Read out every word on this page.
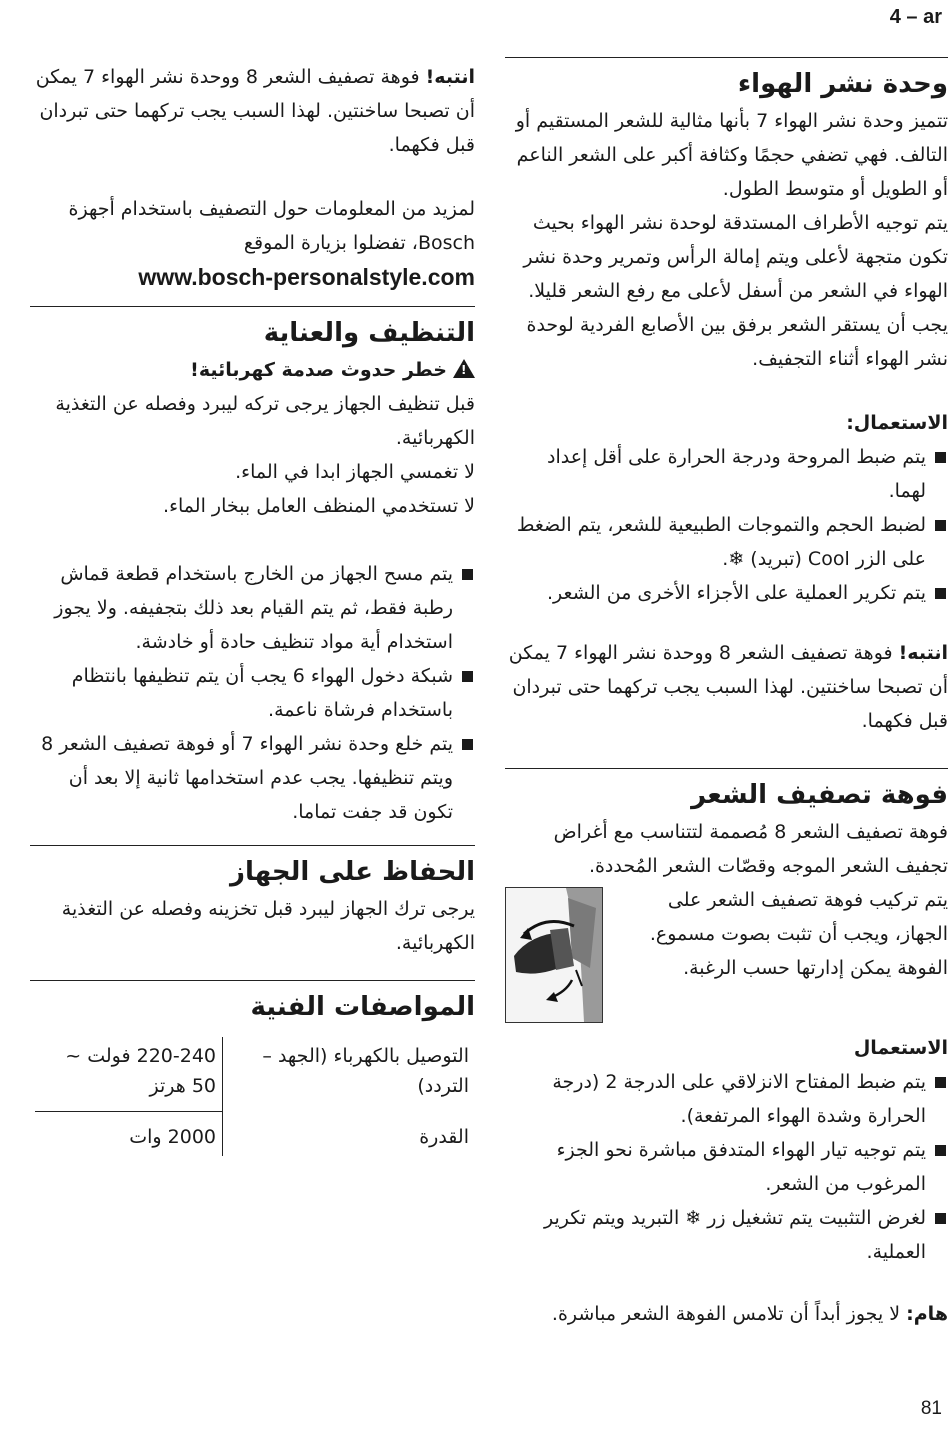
4 – ar
وحدة نشر الهواء

تتميز وحدة نشر الهواء 7 بأنها مثالية للشعر المستقيم أو التالف. فهي تضفي حجمًا وكثافة أكبر على الشعر الناعم أو الطويل أو متوسط الطول.

يتم توجيه الأطراف المستدقة لوحدة نشر الهواء بحيث تكون متجهة لأعلى ويتم إمالة الرأس وتمرير وحدة نشر الهواء في الشعر من أسفل لأعلى مع رفع الشعر قليلا. يجب أن يستقر الشعر برفق بين الأصابع الفردية لوحدة نشر الهواء أثناء التجفيف.

الاستعمال:

يتم ضبط المروحة ودرجة الحرارة على أقل إعداد لهما.

لضبط الحجم والتموجات الطبيعية للشعر، يتم الضغط على الزر Cool (تبريد) ❄.

يتم تكرير العملية على الأجزاء الأخرى من الشعر.

انتبه! فوهة تصفيف الشعر 8 ووحدة نشر الهواء 7 يمكن أن تصبحا ساخنتين. لهذا السبب يجب تركهما حتى تبردان قبل فكهما.

فوهة تصفيف الشعر

فوهة تصفيف الشعر 8 مُصممة لتتناسب مع أغراض تجفيف الشعر الموجه وقصّات الشعر المُحددة.

يتم تركيب فوهة تصفيف الشعر على الجهاز، ويجب أن تثبت بصوت مسموع. الفوهة يمكن إدارتها حسب الرغبة.

الاستعمال

يتم ضبط المفتاح الانزلاقي على الدرجة 2 (درجة الحرارة وشدة الهواء المرتفعة).

يتم توجيه تيار الهواء المتدفق مباشرة نحو الجزء المرغوب من الشعر.

لغرض التثبيت يتم تشغيل زر ❄ التبريد ويتم تكرير العملية.

هام: لا يجوز أبداً أن تلامس الفوهة الشعر مباشرة.

انتبه! فوهة تصفيف الشعر 8 ووحدة نشر الهواء 7 يمكن أن تصبحا ساخنتين. لهذا السبب يجب تركهما حتى تبردان قبل فكهما.

لمزيد من المعلومات حول التصفيف باستخدام أجهزة Bosch، تفضلوا بزيارة الموقع

www.bosch-personalstyle.com

التنظيف والعناية

!خطر حدوث صدمة كهربائية!

قبل تنظيف الجهاز يرجى تركه ليبرد وفصله عن التغذية الكهربائية.

لا تغمسي الجهاز ابدا في الماء.

لا تستخدمي المنظف العامل ببخار الماء.

يتم مسح الجهاز من الخارج باستخدام قطعة قماش رطبة فقط، ثم يتم القيام بعد ذلك بتجفيفه. ولا يجوز استخدام أية مواد تنظيف حادة أو خادشة.

شبكة دخول الهواء 6 يجب أن يتم تنظيفها بانتظام باستخدام فرشاة ناعمة.

يتم خلع وحدة نشر الهواء 7 أو فوهة تصفيف الشعر 8 ويتم تنظيفها. يجب عدم استخدامها ثانية إلا بعد أن تكون قد جفت تماما.

الحفاظ على الجهاز

يرجى ترك الجهاز ليبرد قبل تخزينه وفصله عن التغذية الكهربائية.

المواصفات الفنية
التوصيل بالكهرباء (الجهد – التردد)	220-240 فولت ~
50 هرتز

القدرة	2000 وات
81
